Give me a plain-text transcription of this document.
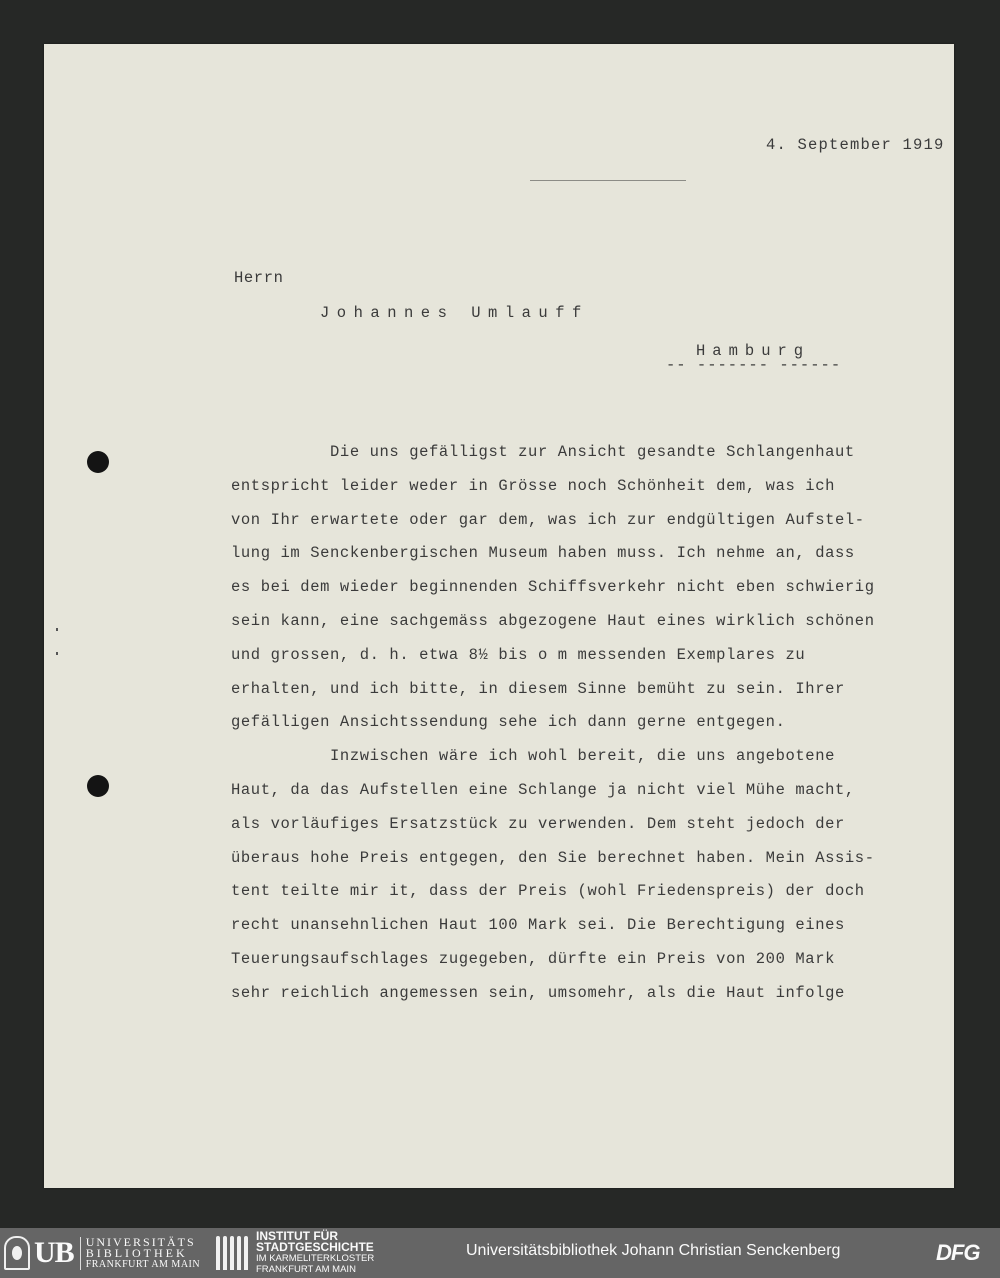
4. September 1919
Herrn
Johannes Umlauff
Hamburg
-- ------- ------

Die uns gefälligst zur Ansicht gesandte Schlangenhaut

entspricht leider weder in Grösse noch Schönheit dem, was ich

von Ihr erwartete oder gar dem, was ich zur endgültigen Aufstel-

lung im Senckenbergischen Museum haben muss. Ich nehme an, dass

es bei dem wieder beginnenden Schiffsverkehr nicht eben schwierig

sein kann, eine sachgemäss abgezogene Haut eines wirklich schönen

und grossen, d. h. etwa 8½ bis o m messenden Exemplares zu

erhalten, und ich bitte, in diesem Sinne bemüht zu sein. Ihrer

gefälligen Ansichtssendung sehe ich dann gerne entgegen.

Inzwischen wäre ich wohl bereit, die uns angebotene

Haut, da das Aufstellen eine Schlange ja nicht viel Mühe macht,

als vorläufiges Ersatzstück zu verwenden. Dem steht jedoch der

überaus hohe Preis entgegen, den Sie berechnet haben. Mein Assis-

tent teilte mir it, dass der Preis (wohl Friedenspreis) der doch

recht unansehnlichen Haut 100 Mark sei. Die Berechtigung eines

Teuerungsaufschlages zugegeben, dürfte ein Preis von 200 Mark

sehr reichlich angemessen sein, umsomehr, als die Haut infolge

UB UNIVERSITÄTS
BIBLIOTHEK
FRANKFURT AM MAIN
INSTITUT FÜR
STADTGESCHICHTE
IM KARMELITERKLOSTER
FRANKFURT AM MAIN
Universitätsbibliothek Johann Christian Senckenberg	DFG
